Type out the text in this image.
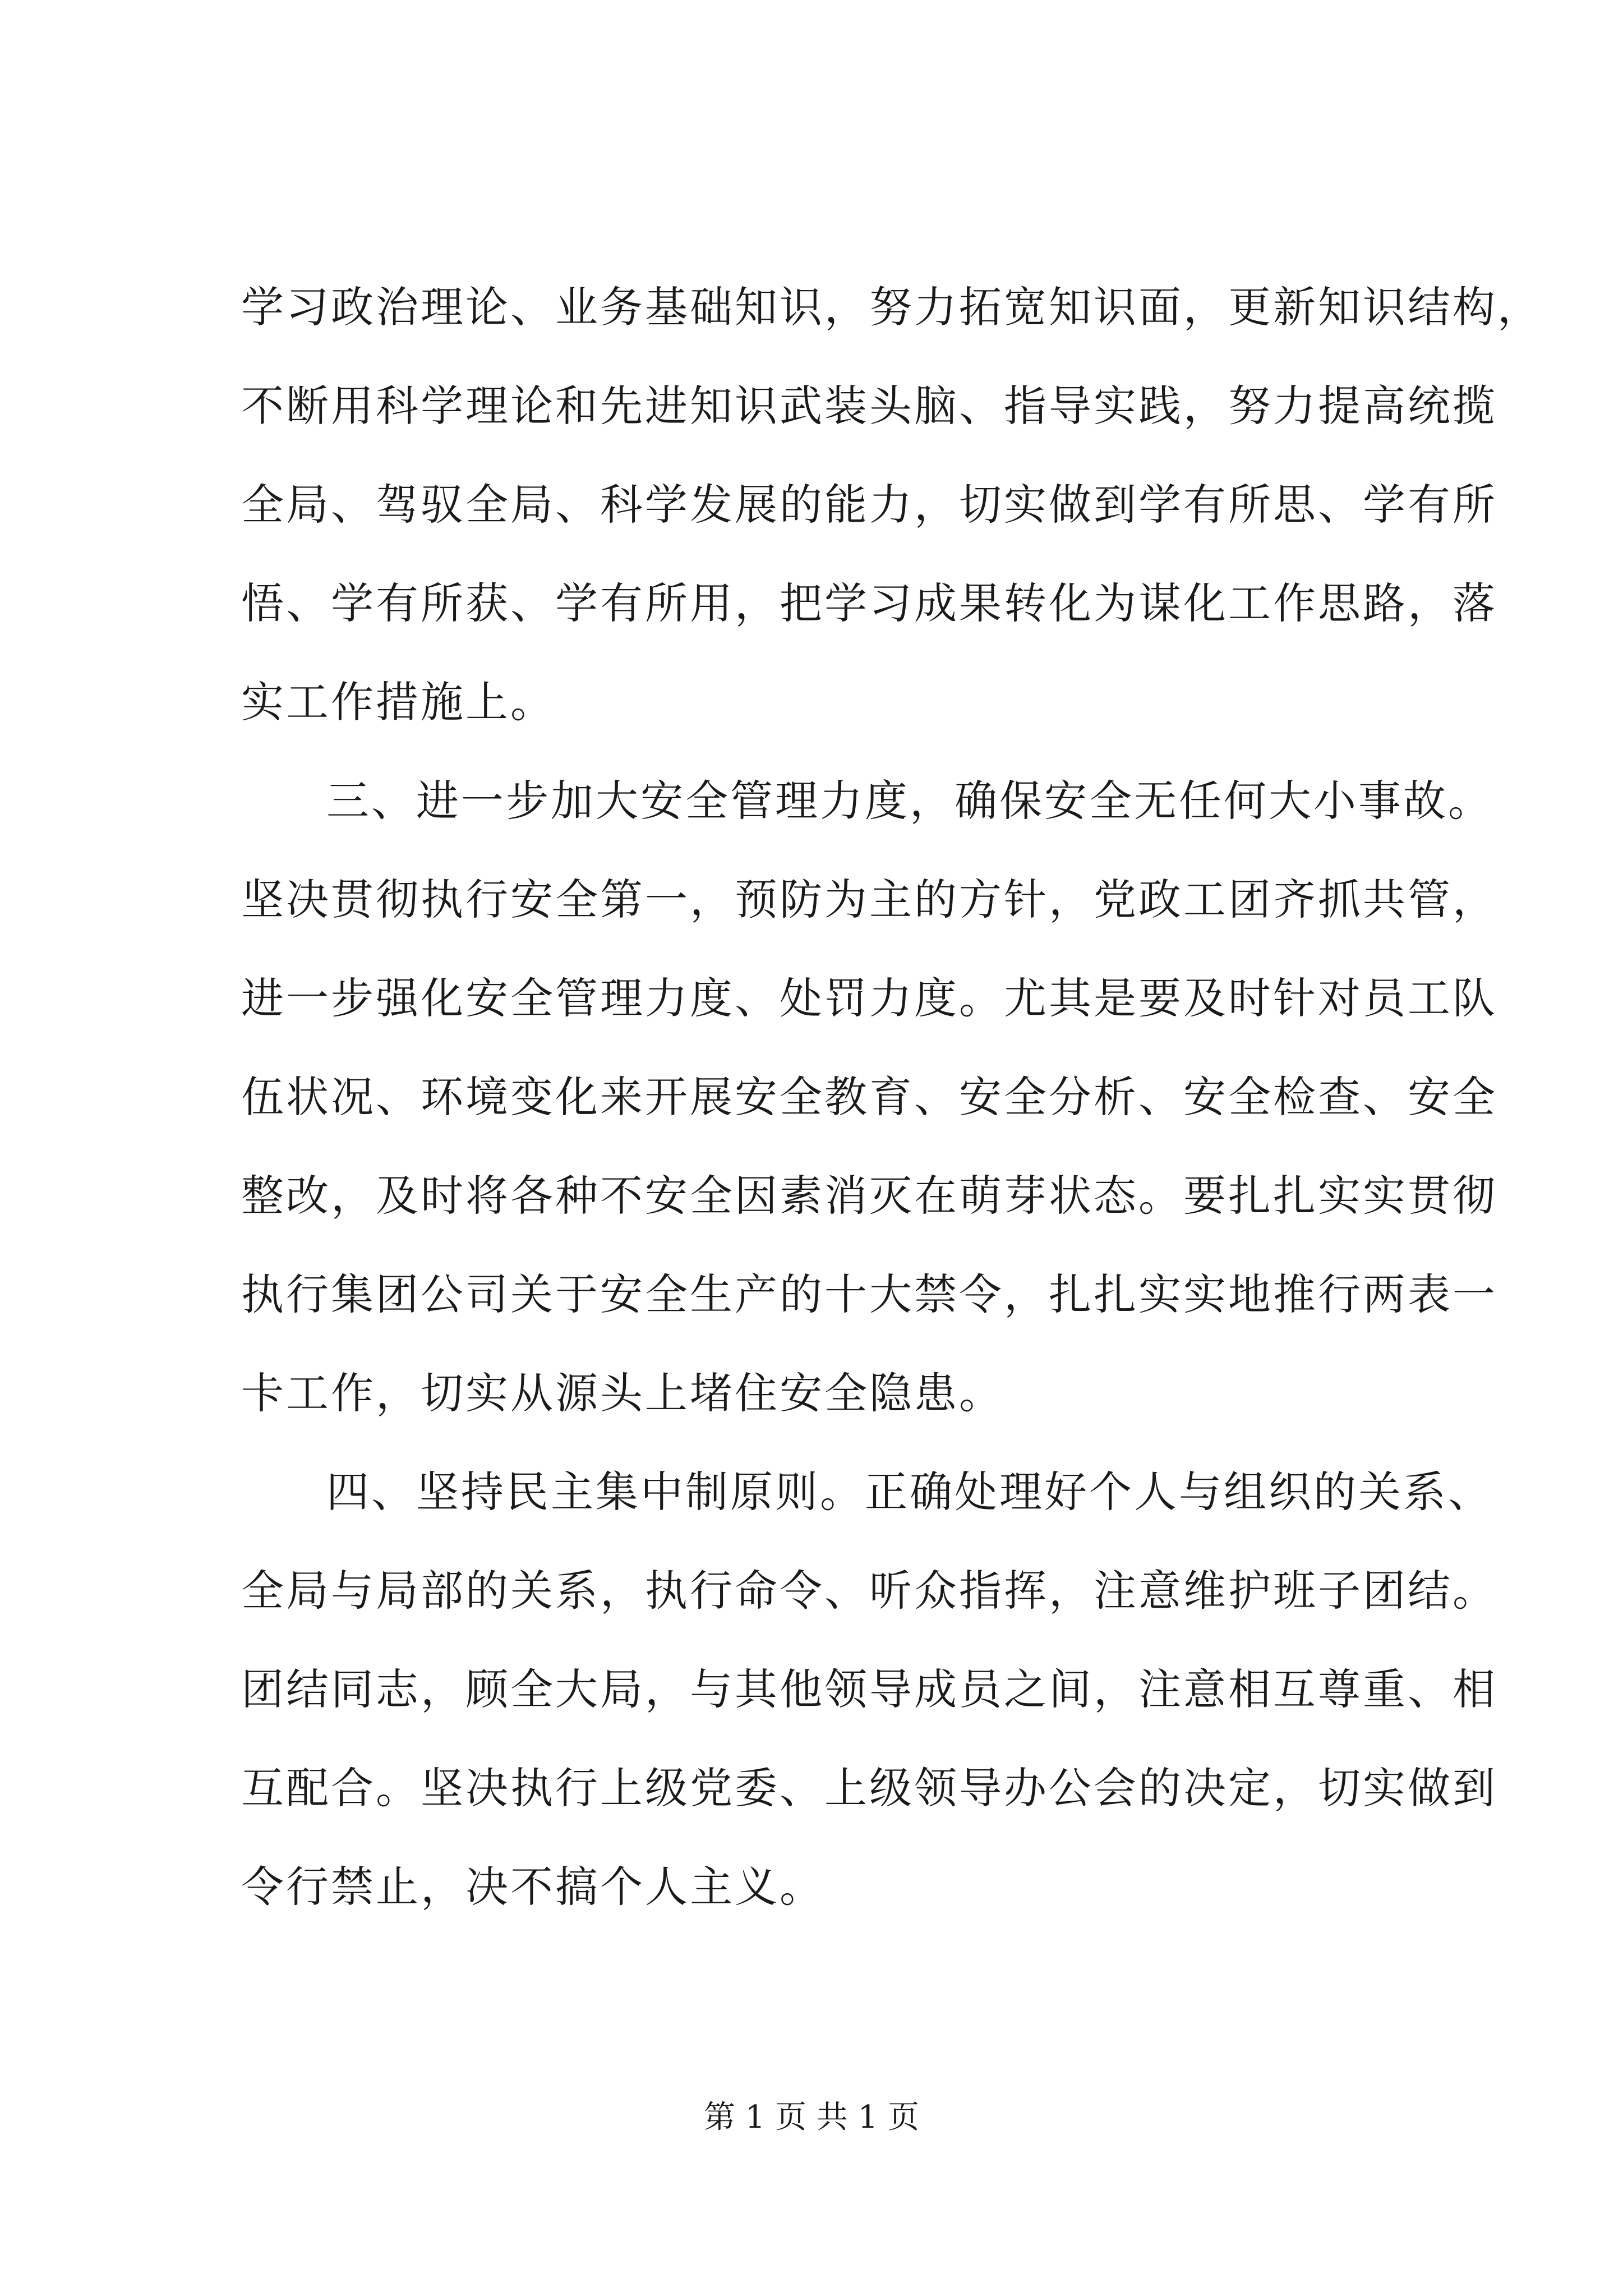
学习政治理论、业务基础知识，努力拓宽知识面，更新知识结构，
不断用科学理论和先进知识武装头脑、指导实践，努力提高统揽
全局、驾驭全局、科学发展的能力，切实做到学有所思、学有所
悟、学有所获、学有所用，把学习成果转化为谋化工作思路，落
实工作措施上。
三、进一步加大安全管理力度，确保安全无任何大小事故。
坚决贯彻执行安全第一，预防为主的方针，党政工团齐抓共管，
进一步强化安全管理力度、处罚力度。尤其是要及时针对员工队
伍状况、环境变化来开展安全教育、安全分析、安全检查、安全
整改，及时将各种不安全因素消灭在萌芽状态。要扎扎实实贯彻
执行集团公司关于安全生产的十大禁令，扎扎实实地推行两表一
卡工作，切实从源头上堵住安全隐患。
四、坚持民主集中制原则。正确处理好个人与组织的关系、
全局与局部的关系，执行命令、听众指挥，注意维护班子团结。
团结同志，顾全大局，与其他领导成员之间，注意相互尊重、相
互配合。坚决执行上级党委、上级领导办公会的决定，切实做到
令行禁止，决不搞个人主义。
第 1 页 共 1 页
